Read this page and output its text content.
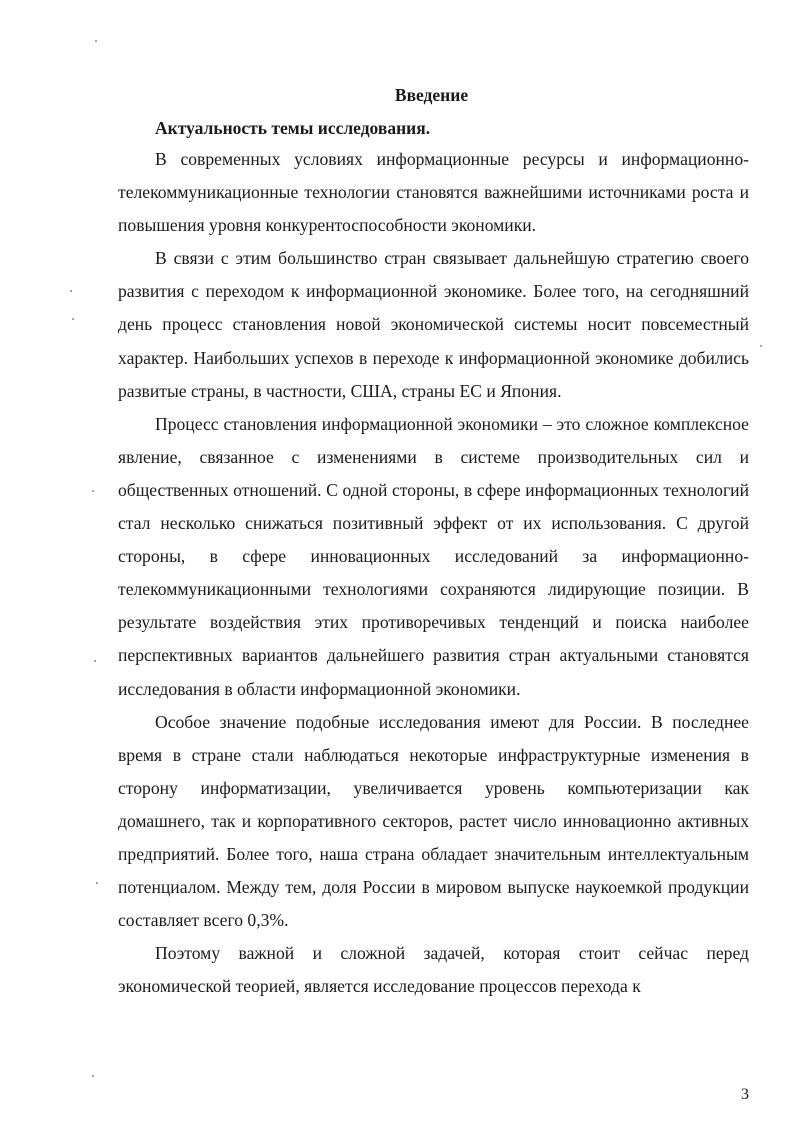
Введение
Актуальность темы исследования.

В современных условиях информационные ресурсы и информационно-телекоммуникационные технологии становятся важнейшими источниками роста и повышения уровня конкурентоспособности экономики.

В связи с этим большинство стран связывает дальнейшую стратегию своего развития с переходом к информационной экономике. Более того, на сегодняшний день процесс становления новой экономической системы носит повсеместный характер. Наибольших успехов в переходе к информационной экономике добились развитые страны, в частности, США, страны ЕС и Япония.

Процесс становления информационной экономики – это сложное комплексное явление, связанное с изменениями в системе производительных сил и общественных отношений. С одной стороны, в сфере информационных технологий стал несколько снижаться позитивный эффект от их использования. С другой стороны, в сфере инновационных исследований за информационно-телекоммуникационными технологиями сохраняются лидирующие позиции. В результате воздействия этих противоречивых тенденций и поиска наиболее перспективных вариантов дальнейшего развития стран актуальными становятся исследования в области информационной экономики.

Особое значение подобные исследования имеют для России. В последнее время в стране стали наблюдаться некоторые инфраструктурные изменения в сторону информатизации, увеличивается уровень компьютеризации как домашнего, так и корпоративного секторов, растет число инновационно активных предприятий. Более того, наша страна обладает значительным интеллектуальным потенциалом. Между тем, доля России в мировом выпуске наукоемкой продукции составляет всего 0,3%.

Поэтому важной и сложной задачей, которая стоит сейчас перед экономической теорией, является исследование процессов перехода к

3
